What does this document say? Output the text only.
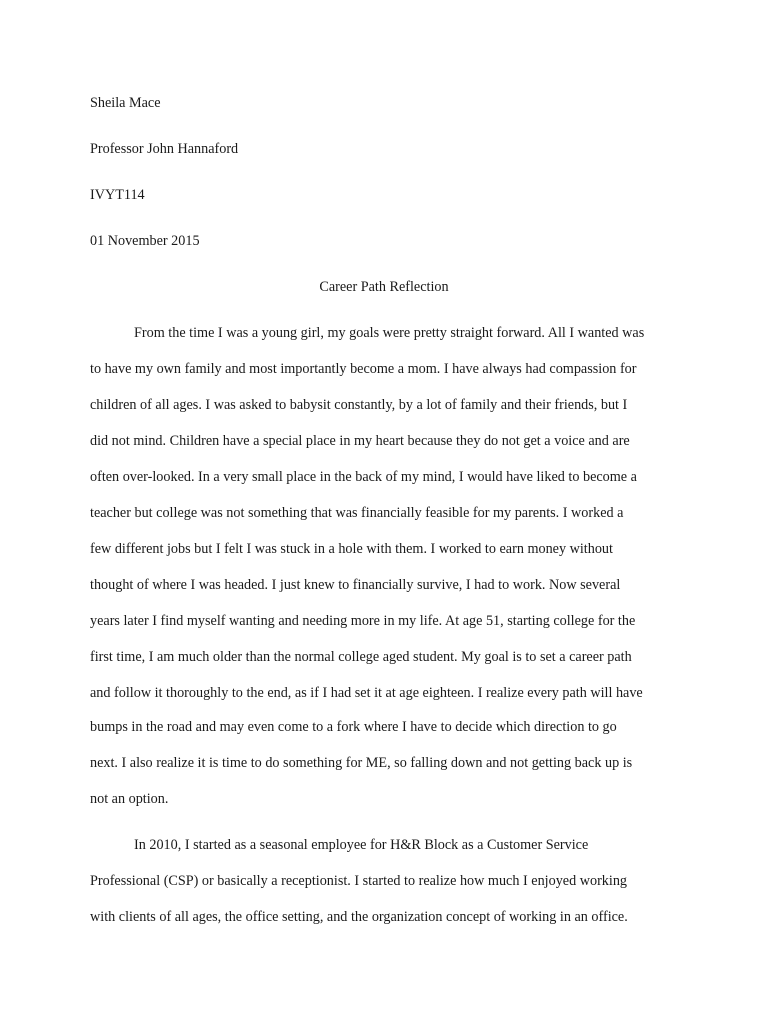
Sheila Mace
Professor John Hannaford
IVYT114
01 November 2015
Career Path Reflection
From the time I was a young girl, my goals were pretty straight forward. All I wanted was
to have my own family and most importantly become a mom. I have always had compassion for
children of all ages. I was asked to babysit constantly, by a lot of family and their friends, but I
did not mind. Children have a special place in my heart because they do not get a voice and are
often over-looked. In a very small place in the back of my mind, I would have liked to become a
teacher but college was not something that was financially feasible for my parents. I worked a
few different jobs but I felt I was stuck in a hole with them. I worked to earn money without
thought of where I was headed. I just knew to financially survive, I had to work. Now several
years later I find myself wanting and needing more in my life. At age 51, starting college for the
first time, I am much older than the normal college aged student. My goal is to set a career path
and follow it thoroughly to the end, as if I had set it at age eighteen. I realize every path will have
bumps in the road and may even come to a fork where I have to decide which direction to go
next. I also realize it is time to do something for ME, so falling down and not getting back up is
not an option.
In 2010, I started as a seasonal employee for H&R Block as a Customer Service
Professional (CSP) or basically a receptionist. I started to realize how much I enjoyed working
with clients of all ages, the office setting, and the organization concept of working in an office.
